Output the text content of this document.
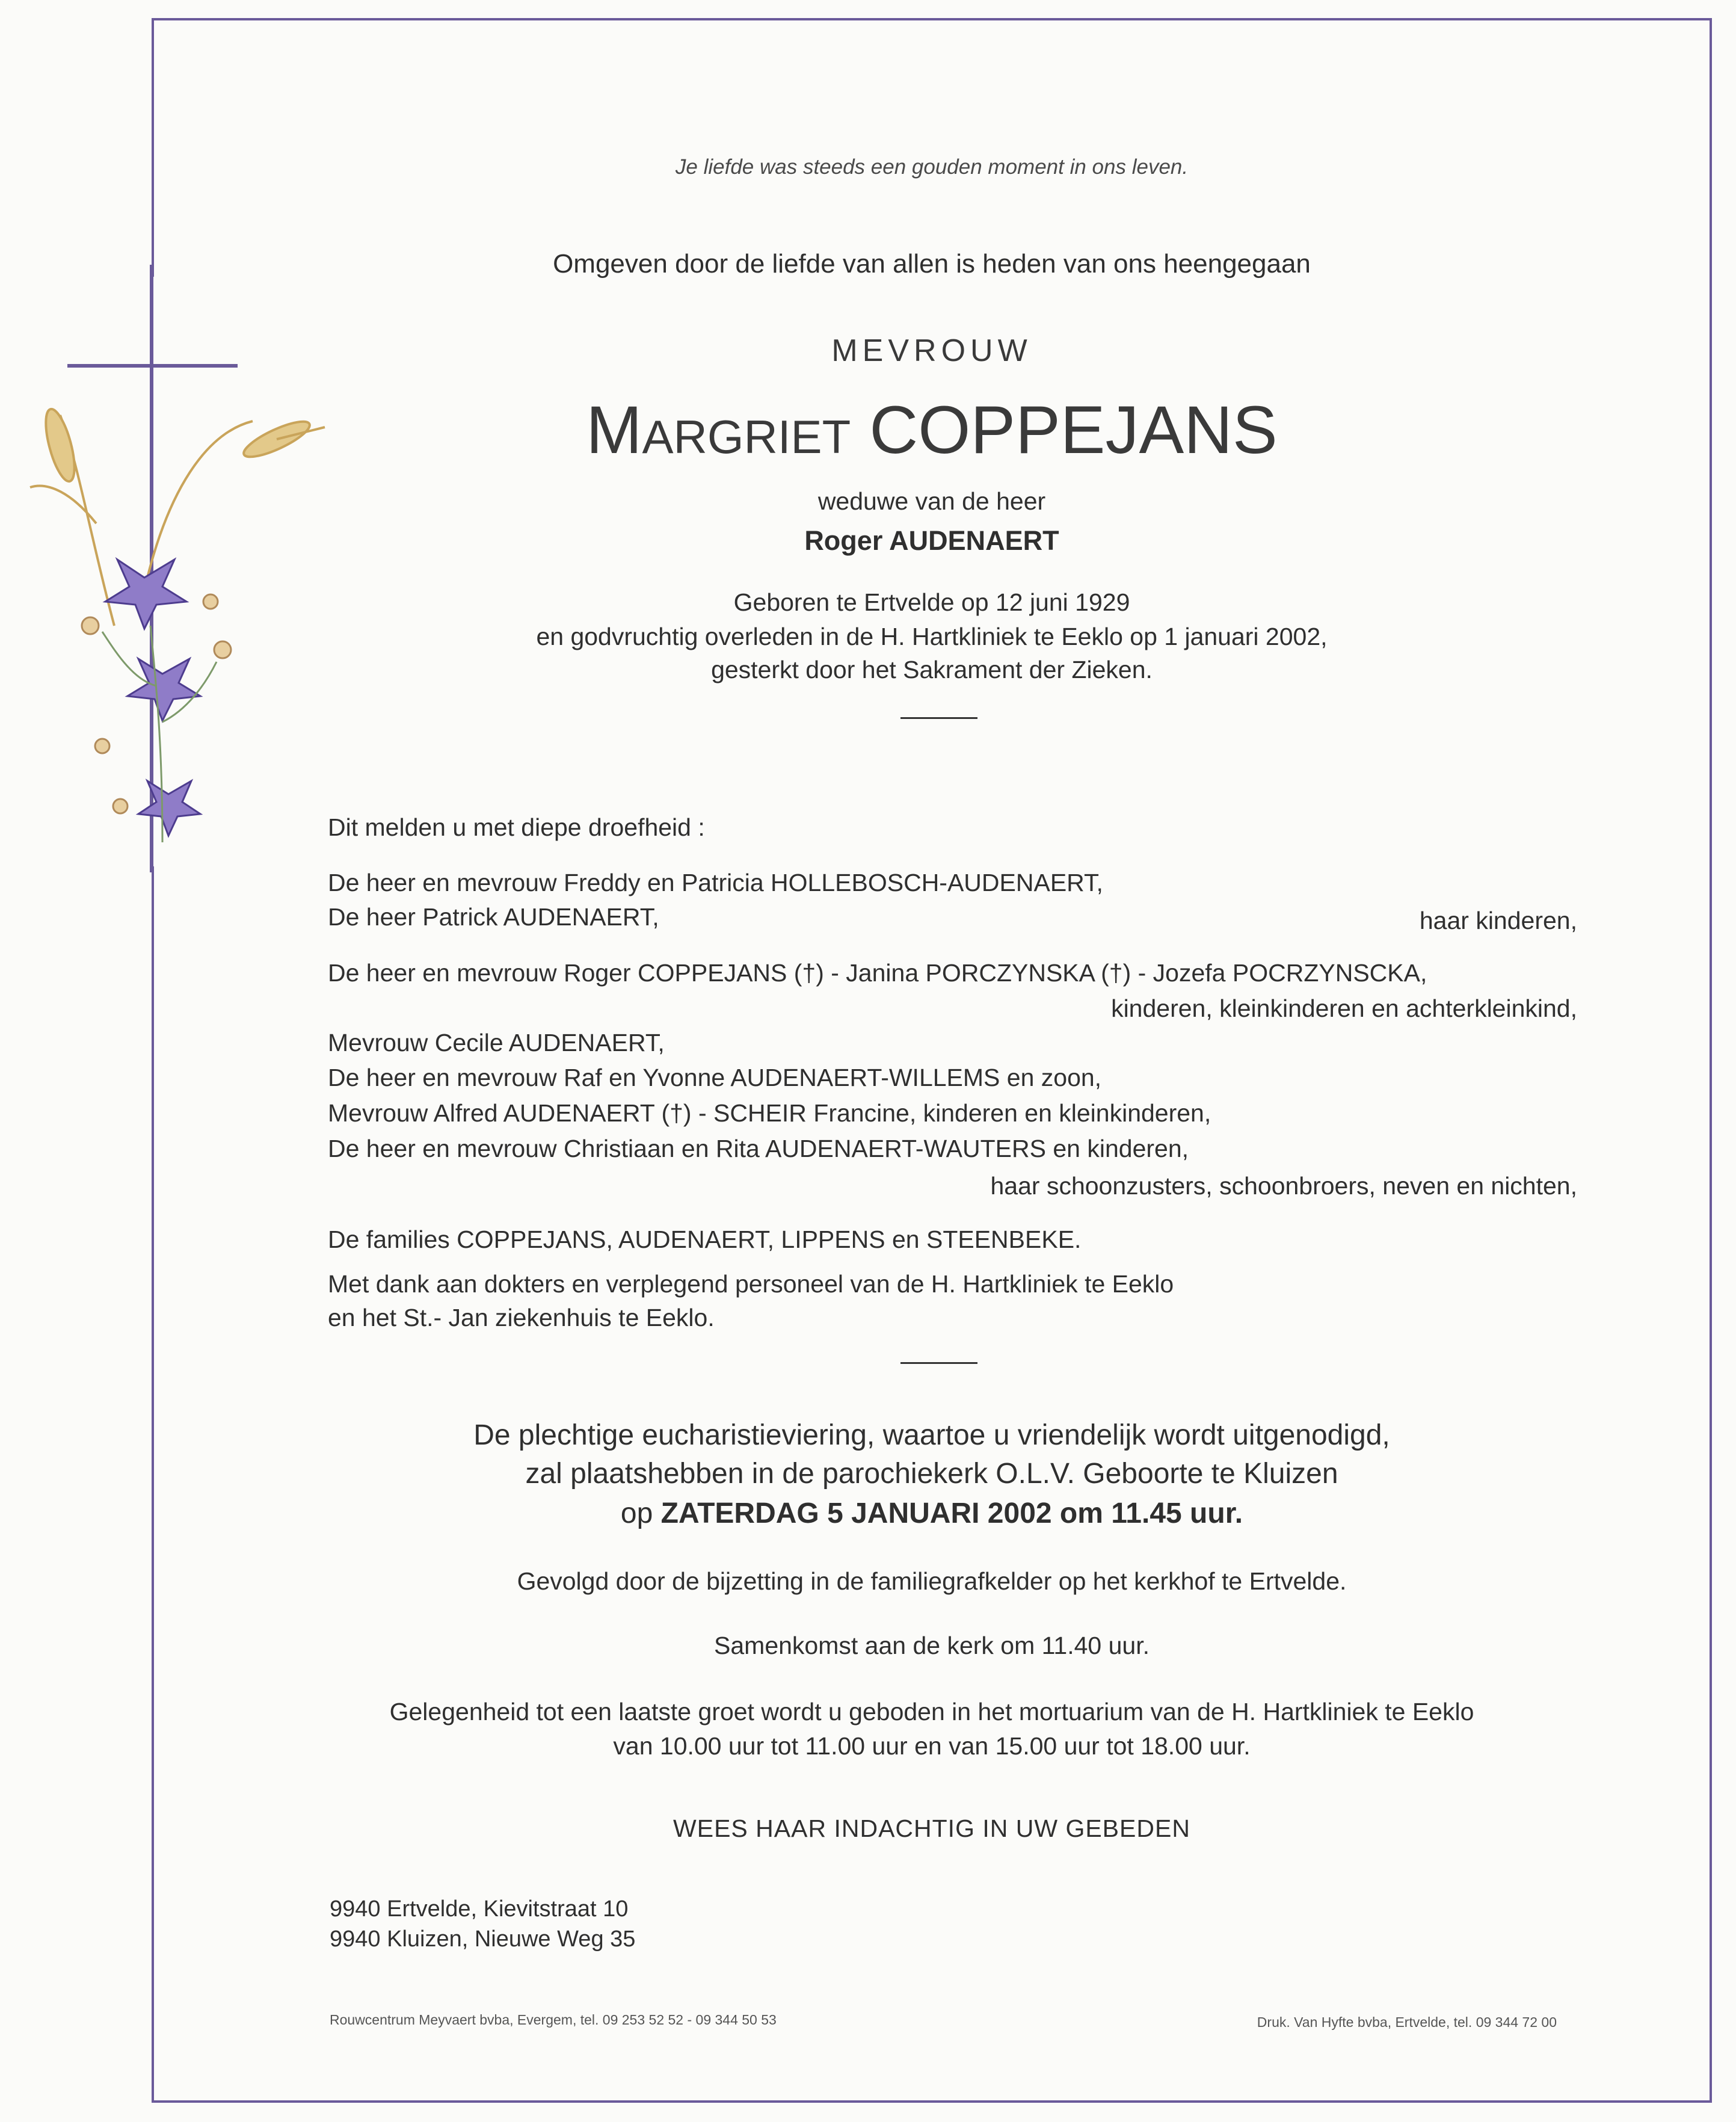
Je liefde was steeds een gouden moment in ons leven.
Omgeven door de liefde van allen is heden van ons heengegaan
MEVROUW
Margriet COPPEJANS
weduwe van de heer
Roger AUDENAERT
Geboren te Ertvelde op 12 juni 1929
en godvruchtig overleden in de H. Hartkliniek te Eeklo op 1 januari 2002,
gesterkt door het Sakrament der Zieken.
Dit melden u met diepe droefheid :
De heer en mevrouw Freddy en Patricia HOLLEBOSCH-AUDENAERT,
De heer Patrick AUDENAERT,	haar kinderen,
De heer en mevrouw Roger COPPEJANS (†) - Janina PORCZYNSKA (†) - Jozefa POCRZYNSCKA,
kinderen, kleinkinderen en achterkleinkind,
Mevrouw Cecile AUDENAERT,
De heer en mevrouw Raf en Yvonne AUDENAERT-WILLEMS en zoon,
Mevrouw Alfred AUDENAERT (†) - SCHEIR Francine, kinderen en kleinkinderen,
De heer en mevrouw Christiaan en Rita AUDENAERT-WAUTERS en kinderen,
haar schoonzusters, schoonbroers, neven en nichten,
De families COPPEJANS, AUDENAERT, LIPPENS en STEENBEKE.
Met dank aan dokters en verplegend personeel van de H. Hartkliniek te Eeklo
en het St.- Jan ziekenhuis te Eeklo.
De plechtige eucharistieviering, waartoe u vriendelijk wordt uitgenodigd,
zal plaatshebben in de parochiekerk O.L.V. Geboorte te Kluizen
op ZATERDAG 5 JANUARI 2002 om 11.45 uur.
Gevolgd door de bijzetting in de familiegrafkelder op het kerkhof te Ertvelde.
Samenkomst aan de kerk om 11.40 uur.
Gelegenheid tot een laatste groet wordt u geboden in het mortuarium van de H. Hartkliniek te Eeklo
van 10.00 uur tot 11.00 uur en van 15.00 uur tot 18.00 uur.
WEES HAAR INDACHTIG IN UW GEBEDEN
9940 Ertvelde, Kievitstraat 10
9940 Kluizen, Nieuwe Weg 35
Rouwcentrum Meyvaert bvba, Evergem, tel. 09 253 52 52 - 09 344 50 53	Druk. Van Hyfte bvba, Ertvelde, tel. 09 344 72 00
